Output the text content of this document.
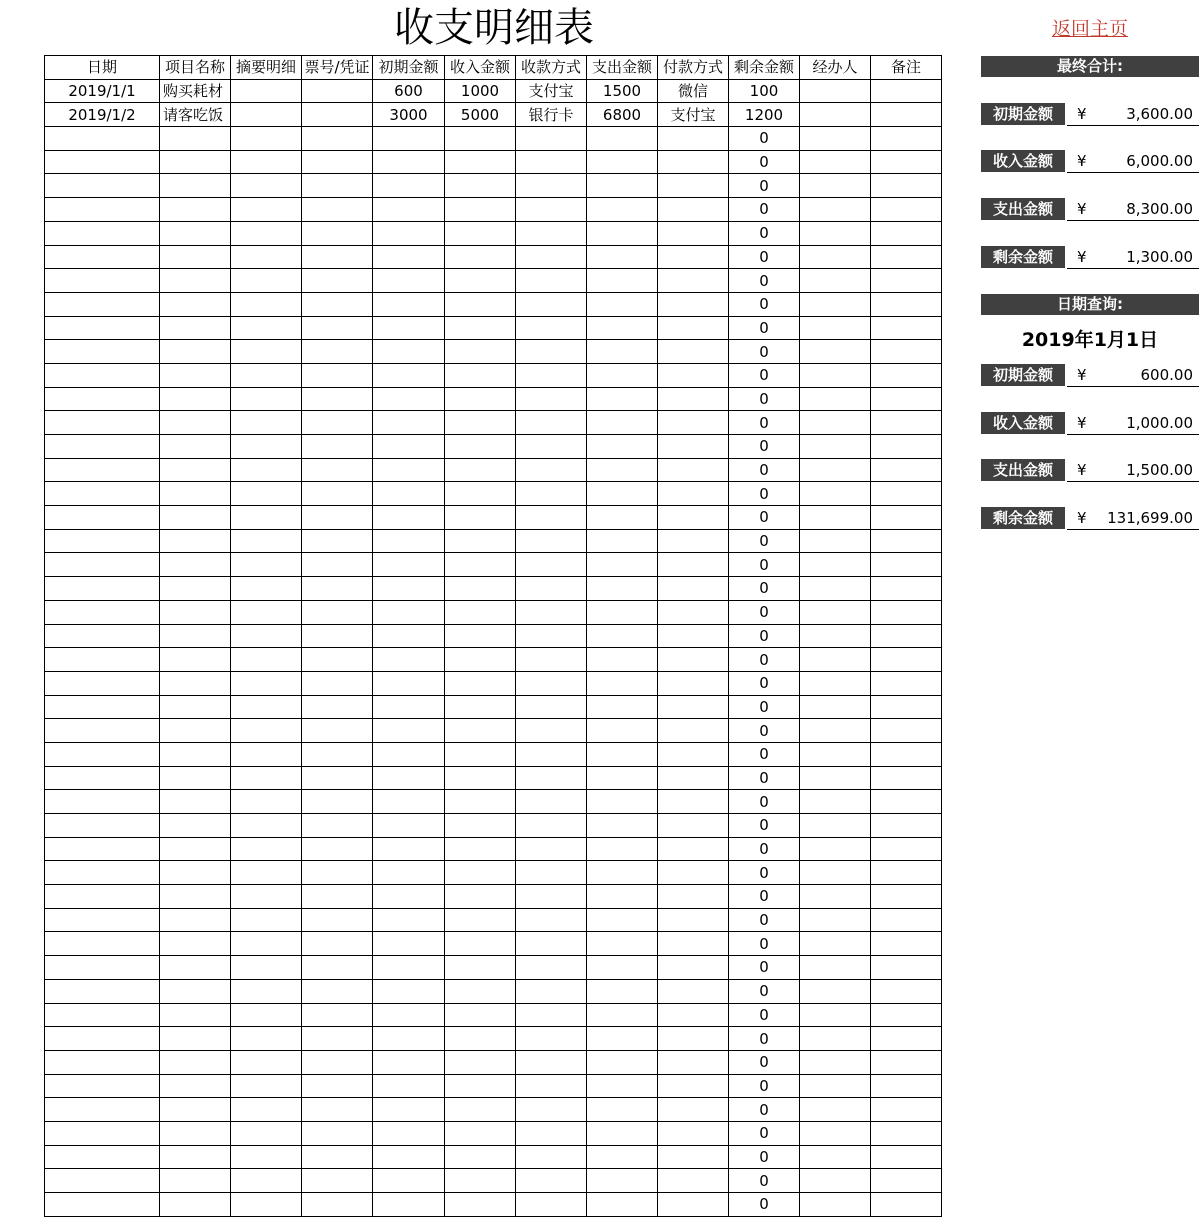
收支明细表	返回主页
日期	项目名称	摘要明细	票号/凭证	初期金额	收入金额	收款方式	支出金额	付款方式	剩余金额	经办人	备注
2019/1/1	购买耗材			600	1000	支付宝	1500	微信	100		
2019/1/2	请客吃饭			3000	5000	银行卡	6800	支付宝	1200		
									0		
									0		
									0		
									0		
									0		
									0		
									0		
									0		
									0		
									0		
									0		
									0		
									0		
									0		
									0		
									0		
									0		
									0		
									0		
									0		
									0		
									0		
									0		
									0		
									0		
									0		
									0		
									0		
									0		
									0		
									0		
									0		
									0		
									0		
									0		
									0		
									0		
									0		
									0		
									0		
									0		
									0		
									0		
									0		
									0		
									0		
最终合计:
初期金额	¥	3,600.00
收入金额	¥	6,000.00
支出金额	¥	8,300.00
剩余金额	¥	1,300.00
日期查询:
2019年1月1日
初期金额	¥	600.00
收入金额	¥	1,000.00
支出金额	¥	1,500.00
剩余金额	¥ 131,699.00
